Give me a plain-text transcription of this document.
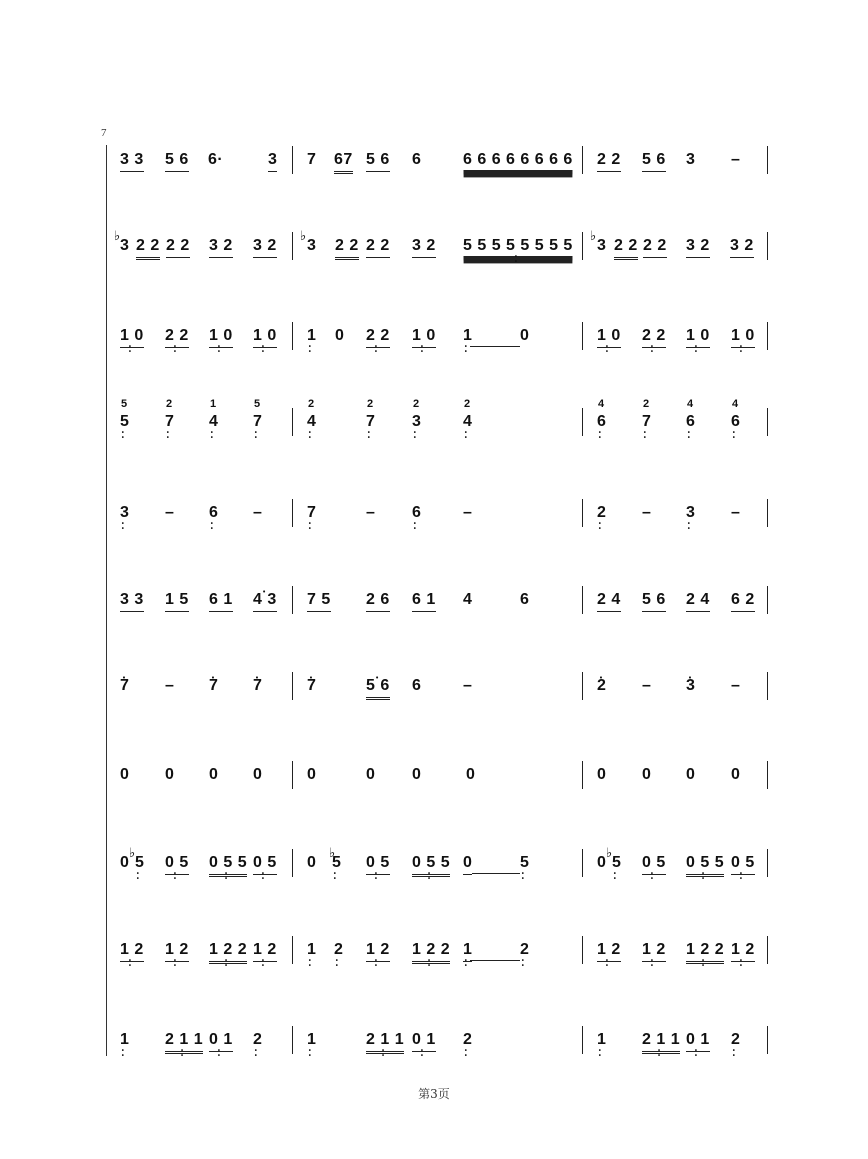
7
3 3 5 6 6·	3 7 67 5 6 6	6 6 6 6 6 6 6 6 2 2 5 6 3 –
3 2 2 2 2 3 2 3 2 3 2 2 2 2 3 2 5 5 5 5 5 5 5 5 •
• 3 2 2 2 2 3 2 3 2
♭	♭	♭
1 0 •
• 2 2 •
• 1 0 •
• 1 0 •
• 1 •
• 0 2 2 •
• 1 0 •
• 1 •
•	0	1 0 •
• 2 2 •
• 1 0 •
• 1 0 •
•
5 •
• 7 •
• 4 •
• 7 •
•
5	2	1	5
4 •
•	7 •
• 3 •
•	4 •
•
2	2	2	2
6 •
• 7 •
• 6 •
• 6 •
•
4	2	4	4
3 •
• – 6 •
• –	7 •
•	– 6 •
•	–	2 •
• – 3 •
• –
3 3 1 5 6 1 • 4 3 7 5 2 6 6 1 4	6	2 4 5 6 2 4 6 2
• 7 – • 7 • 7	• 7	• 5 6 6	–	• 2 – • 3 –
0 0 0 0	0	0 0	0	0 0 0 0
0 5 •
• 0 5 •
• 0 5 5 •
• 0 5 •
• 0 5 •
• 0 5 •
• 0 5 5 •
• 0	5 •
•	0 5 •
• 0 5 •
• 0 5 5 •
• 0 5 •
•
♭	♭	♭
1 2 •
• 1 2 •
• 1 2 2 •
• 1 2 •
• 1 •
• 2 •
• 1 2 •
• 1 2 2 •
• 1 •
•	2 •
•	1 2 •
• 1 2 •
• 1 2 2 •
• 1 2 •
•
1 •
• 2 1 1 •
• 0 1 •
• 2 •
•	1 •
•	2 1 1 •
• 0 1 •
• 2 •
•	1 •
• 2 1 1 •
• 0 1 •
• 2 •
•
第3页
